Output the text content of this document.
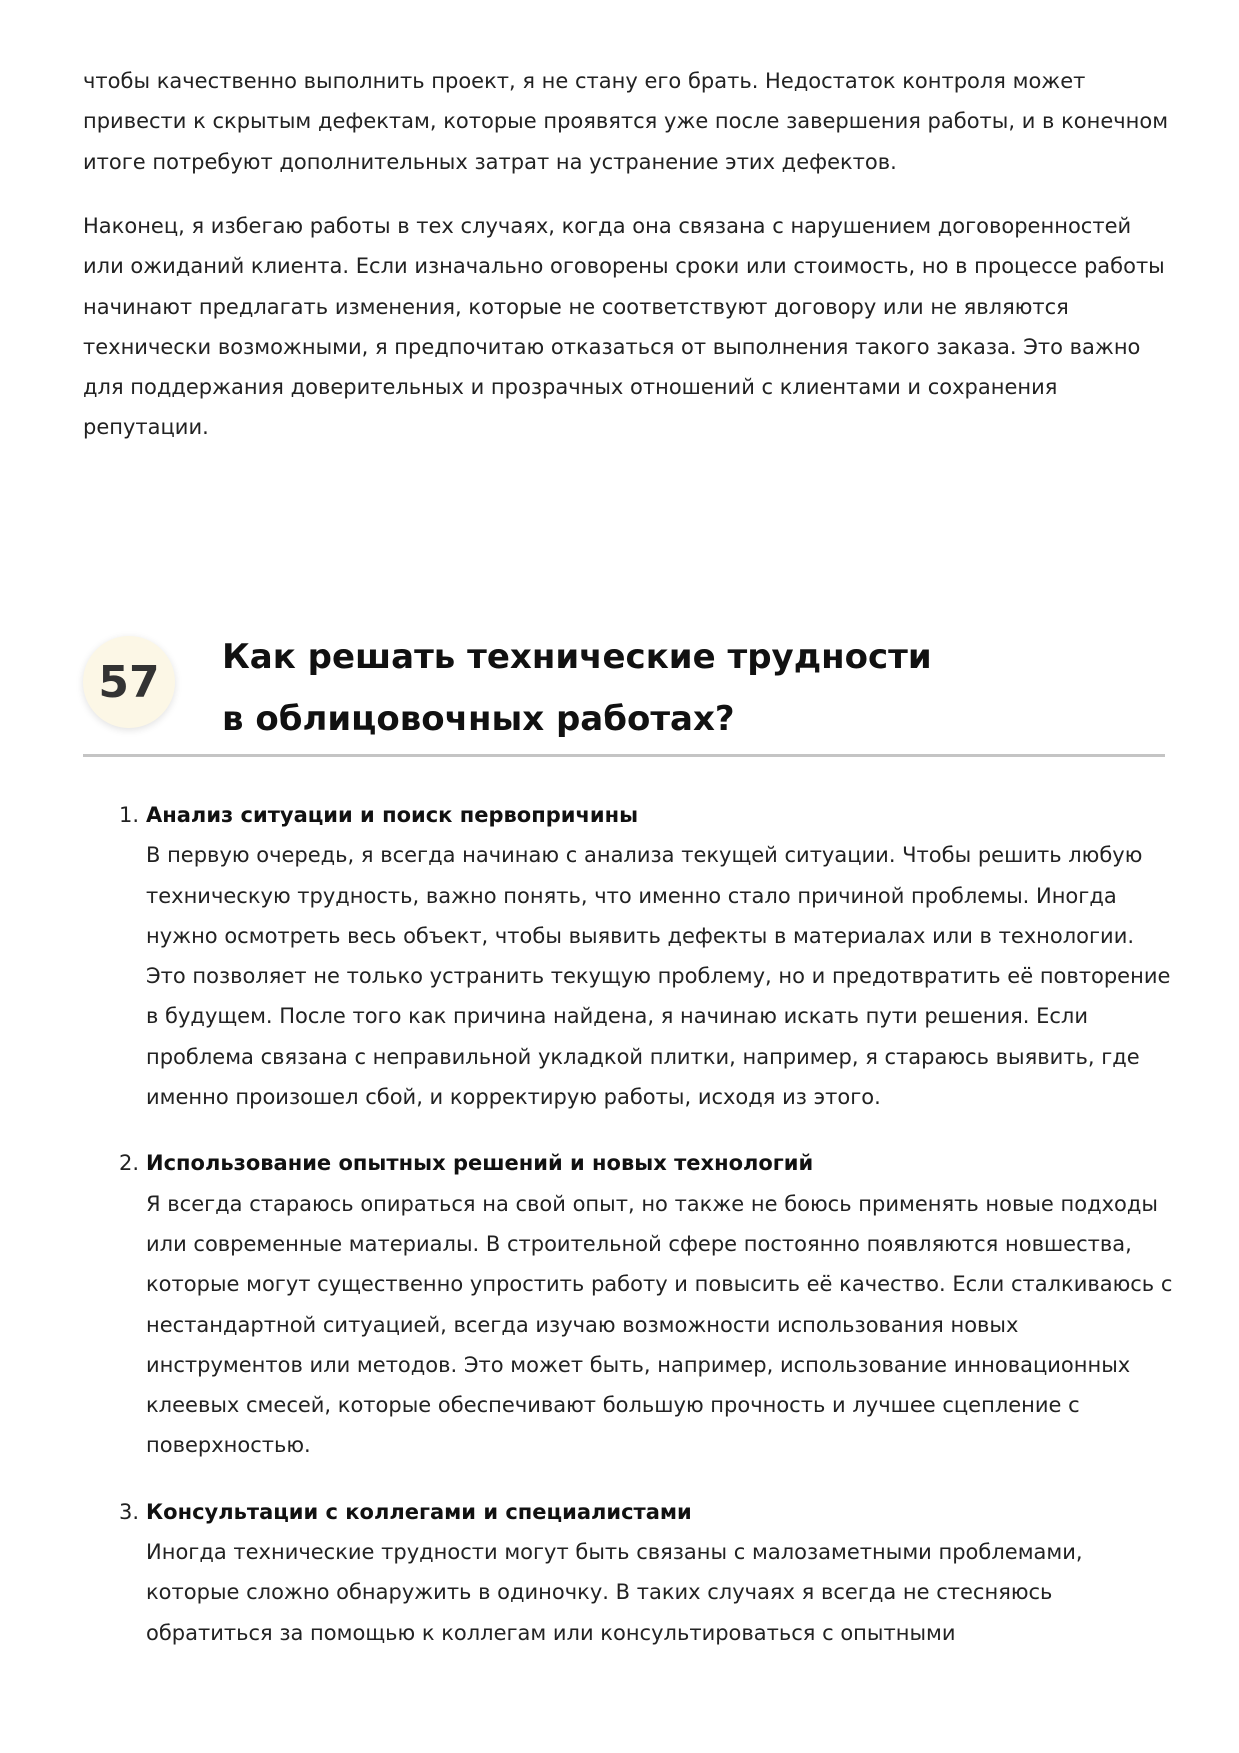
чтобы качественно выполнить проект, я не стану его брать. Недостаток контроля может привести к скрытым дефектам, которые проявятся уже после завершения работы, и в конечном итоге потребуют дополнительных затрат на устранение этих дефектов.

Наконец, я избегаю работы в тех случаях, когда она связана с нарушением договоренностей или ожиданий клиента. Если изначально оговорены сроки или стоимость, но в процессе работы начинают предлагать изменения, которые не соответствуют договору или не являются технически возможными, я предпочитаю отказаться от выполнения такого заказа. Это важно для поддержания доверительных и прозрачных отношений с клиентами и сохранения репутации.

57	Как решать технические трудности в облицовочных работах?
1. Анализ ситуации и поиск первопричины
В первую очередь, я всегда начинаю с анализа текущей ситуации. Чтобы решить любую техническую трудность, важно понять, что именно стало причиной проблемы. Иногда нужно осмотреть весь объект, чтобы выявить дефекты в материалах или в технологии. Это позволяет не только устранить текущую проблему, но и предотвратить её повторение в будущем. После того как причина найдена, я начинаю искать пути решения. Если проблема связана с неправильной укладкой плитки, например, я стараюсь выявить, где именно произошел сбой, и корректирую работы, исходя из этого.
2. Использование опытных решений и новых технологий
Я всегда стараюсь опираться на свой опыт, но также не боюсь применять новые подходы или современные материалы. В строительной сфере постоянно появляются новшества, которые могут существенно упростить работу и повысить её качество. Если сталкиваюсь с нестандартной ситуацией, всегда изучаю возможности использования новых инструментов или методов. Это может быть, например, использование инновационных клеевых смесей, которые обеспечивают большую прочность и лучшее сцепление с поверхностью.
3. Консультации с коллегами и специалистами
Иногда технические трудности могут быть связаны с малозаметными проблемами, которые сложно обнаружить в одиночку. В таких случаях я всегда не стесняюсь обратиться за помощью к коллегам или консультироваться с опытными
